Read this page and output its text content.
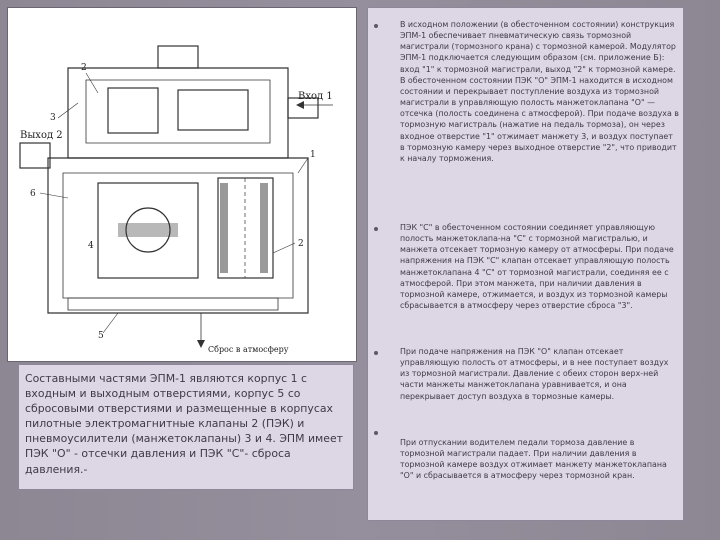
Выход 2
Вход 1
Сброс в атмосферу
2
3
6
1
2
4
5
Составными частями ЭПМ-1 являются корпус 1 с входным и выходным отверстиями, корпус 5 со сбросовыми отверстиями и размещенные в корпусах пилотные электромагнитные клапаны 2 (ПЭК) и пневмоусилители (манжетоклапаны) 3 и 4. ЭПМ имеет ПЭК "О" - отсечки давления и ПЭК "С"- сброса давления.-
В исходном положении (в обесточенном состоянии) конструкция ЭПМ-1 обеспечивает пневматическую связь тормозной магистрали (тормозного крана) с тормозной камерой. Модулятор ЭПМ-1 подключается следующим образом (см. приложение Б): вход "1" к тормозной магистрали, выход "2" к тормозной камере. В обесточенном состоянии ПЭК "О" ЭПМ-1 находится в исходном состоянии и перекрывает поступление воздуха из тормозной магистрали в управляющую полость манжетоклапана "О" — отсечка (полость соединена с атмосферой). При подаче воздуха в тормозную магистраль (нажатие на педаль тормоза), он через входное отверстие "1" отжимает манжету 3, и воздух поступает в тормозную камеру через выходное отверстие "2", что приводит к началу торможения.
ПЭК "С" в обесточенном состоянии соединяет управляющую полость манжетоклапа-на "С" с тормозной магистралью, и манжета отсекает тормозную камеру от атмосферы. При подаче напряжения на ПЭК "С" клапан отсекает управляющую полость манжетоклапана 4 "С" от тормозной магистрали, соединяя ее с атмосферой. При этом манжета, при наличии давления в тормозной камере, отжимается, и воздух из тормозной камеры сбрасывается в атмосферу через отверстие сброса "3".
При подаче напряжения на ПЭК "О" клапан отсекает управляющую полость от атмосферы, и в нее поступает воздух из тормозной магистрали. Давление с обеих сторон верх-ней части манжеты манжетоклапана уравнивается, и она перекрывает доступ воздуха в тормозные камеры.
При отпускании водителем педали тормоза давление в тормозной магистрали падает. При наличии давления в тормозной камере воздух отжимает манжету манжетоклапана "О" и сбрасывается в атмосферу через тормозной кран.
